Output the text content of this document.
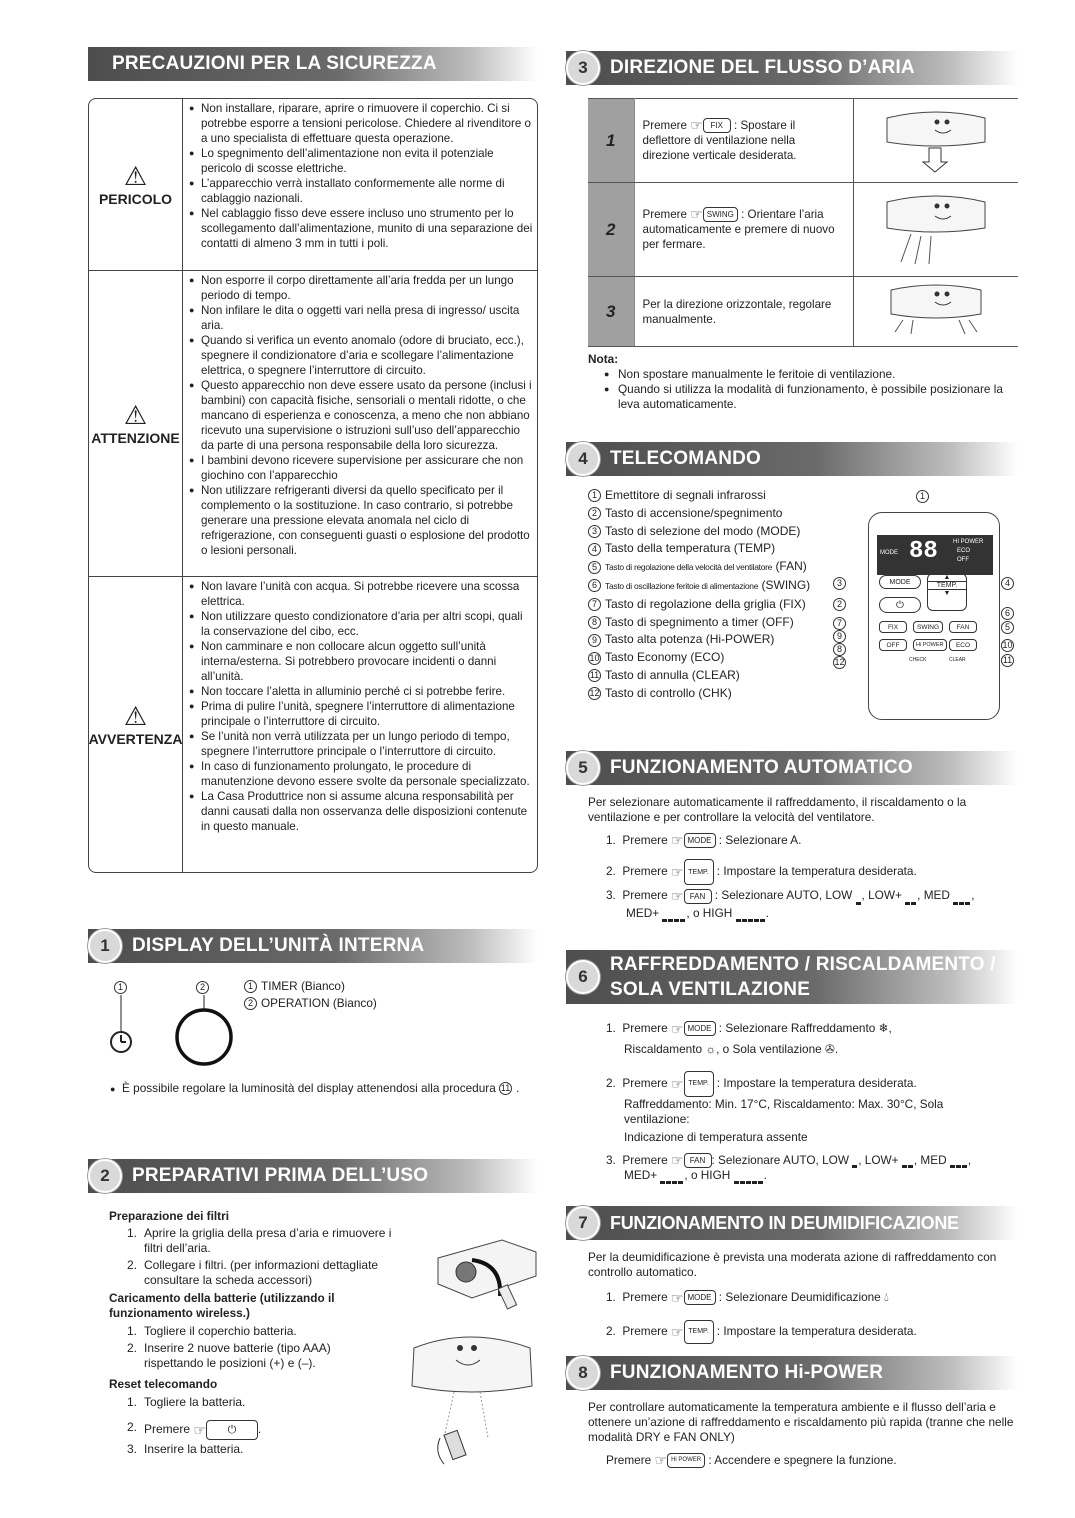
PRECAUZIONI PER LA SICUREZZA
⚠
PERICOLO
● Non installare, riparare, aprire o rimuovere il coperchio. Ci si potrebbe esporre a tensioni pericolose. Chiedere al rivenditore o a uno specialista di effettuare questa operazione.
● Lo spegnimento dell’alimentazione non evita il potenziale pericolo di scosse elettriche.
● L’apparecchio verrà installato conformemente alle norme di cablaggio nazionali.
● Nel cablaggio fisso deve essere incluso uno strumento per lo scollegamento dall’alimentazione, munito di una separazione dei contatti di almeno 3 mm in tutti i poli.
⚠
ATTENZIONE
● Non esporre il corpo direttamente all’aria fredda per un lungo periodo di tempo.
● Non infilare le dita o oggetti vari nella presa di ingresso/ uscita aria.
● Quando si verifica un evento anomalo (odore di bruciato, ecc.), spegnere il condizionatore d’aria e scollegare l’alimentazione elettrica, o spegnere l’interruttore di circuito.
● Questo apparecchio non deve essere usato da persone (inclusi i bambini) con capacità fisiche, sensoriali o mentali ridotte, o che mancano di esperienza e conoscenza, a meno che non abbiano ricevuto una supervisione o istruzioni sull’uso dell’apparecchio da parte di una persona responsabile della loro sicurezza.
● I bambini devono ricevere supervisione per assicurare che non giochino con l’apparecchio
● Non utilizzare refrigeranti diversi da quello specificato per il complemento o la sostituzione. In caso contrario, si potrebbe generare una pressione elevata anomala nel ciclo di refrigerazione, con conseguenti guasti o esplosione del prodotto o lesioni personali.
⚠
AVVERTENZA
● Non lavare l’unità con acqua. Si potrebbe ricevere una scossa elettrica.
● Non utilizzare questo condizionatore d’aria per altri scopi, quali la conservazione del cibo, ecc.
● Non camminare e non collocare alcun oggetto sull’unità interna/esterna. Si potrebbero provocare incidenti o danni all’unità.
● Non toccare l’aletta in alluminio perché ci si potrebbe ferire.
● Prima di pulire l’unità, spegnere l’interruttore di alimentazione principale o l’interruttore di circuito.
● Se l’unità non verrà utilizzata per un lungo periodo di tempo, spegnere l’interruttore principale o l’interruttore di circuito.
● In caso di funzionamento prolungato, le procedure di manutenzione devono essere svolte da personale specializzato.
● La Casa Produttrice non si assume alcuna responsabilità per danni causati dalla non osservanza delle disposizioni contenute in questo manuale.
1	DISPLAY DELL’UNITÀ INTERNA
1	2	1 TIMER (Bianco)
2 OPERATION (Bianco)
● È possibile regolare la luminosità del display attenendosi alla procedura 11 .
2	PREPARATIVI PRIMA DELL’USO
Preparazione dei filtri
1. Aprire la griglia della presa d’aria e rimuovere i filtri dell’aria.
2. Collegare i filtri. (per informazioni dettagliate consultare la scheda accessori)
Caricamento della batterie (utilizzando il funzionamento wireless.)
1. Togliere il coperchio batteria.
2. Inserire 2 nuove batterie (tipo AAA) rispettando le posizioni (+) e (–).
Reset telecomando
1. Togliere la batteria.
2. Premere ☞ ⏻ .
3. Inserire la batteria.
3	DIREZIONE DEL FLUSSO D’ARIA
1	Premere ☞ FIX : Spostare il deflettore di ventilazione nella direzione verticale desiderata.	
2	Premere ☞ SWING : Orientare l’aria automaticamente e premere di nuovo per fermare.	
3	Per la direzione orizzontale, regolare manualmente.	
Nota:
● Non spostare manualmente le feritoie di ventilazione.
● Quando si utilizza la modalità di funzionamento, è possibile posizionare la leva automaticamente.
4	TELECOMANDO
1 Emettitore di segnali infrarossi
2 Tasto di accensione/spegnimento
3 Tasto di selezione del modo (MODE)
4 Tasto della temperatura (TEMP)
5 Tasto di regolazione della velocità del ventilatore (FAN)
6 Tasto di oscillazione feritoie di alimentazione (SWING)
7 Tasto di regolazione della griglia (FIX)
8 Tasto di spegnimento a timer (OFF)
9 Tasto alta potenza (Hi-POWER)
10 Tasto Economy (ECO)
11 Tasto di annulla (CLEAR)
12 Tasto di controllo (CHK)
1
MODE 88	HI POWER
ECO
OFF
MODE
⏻
▲
TEMP.
▼
FIX	SWING	FAN
OFF	Hi POWER	ECO
CHECK	CLEAR
3
2
7
9
8
12
4
6
5
10
11
5	FUNZIONAMENTO AUTOMATICO
Per selezionare automaticamente il raffreddamento, il riscaldamento o la ventilazione e per controllare la velocità del ventilatore.
1. Premere ☞ MODE : Selezionare A.
2. Premere ☞ TEMP. : Impostare la temperatura desiderata.
3. Premere ☞ FAN : Selezionare AUTO, LOW , LOW+ , MED ,
MED+ , o HIGH	.
6
RAFFREDDAMENTO / RISCALDAMENTO /
SOLA VENTILAZIONE
1. Premere ☞ MODE : Selezionare Raffreddamento ❄,
Riscaldamento ☼, o Sola ventilazione ✇.
2. Premere ☞ TEMP. : Impostare la temperatura desiderata.
Raffreddamento: Min. 17°C, Riscaldamento: Max. 30°C, Sola ventilazione:
Indicazione di temperatura assente
3. Premere ☞ FAN : Selezionare AUTO, LOW , LOW+ , MED ,
MED+ , o HIGH	.
7	FUNZIONAMENTO IN DEUMIDIFICAZIONE
Per la deumidificazione è prevista una moderata azione di raffreddamento con controllo automatico.
1. Premere ☞ MODE : Selezionare Deumidificazione 💧︎
2. Premere ☞ TEMP. : Impostare la temperatura desiderata.
8	FUNZIONAMENTO Hi-POWER
Per controllare automaticamente la temperatura ambiente e il flusso dell’aria e ottenere un’azione di raffreddamento e riscaldamento più rapida (tranne che nelle modalità DRY e FAN ONLY)
Premere ☞ Hi POWER : Accendere e spegnere la funzione.
